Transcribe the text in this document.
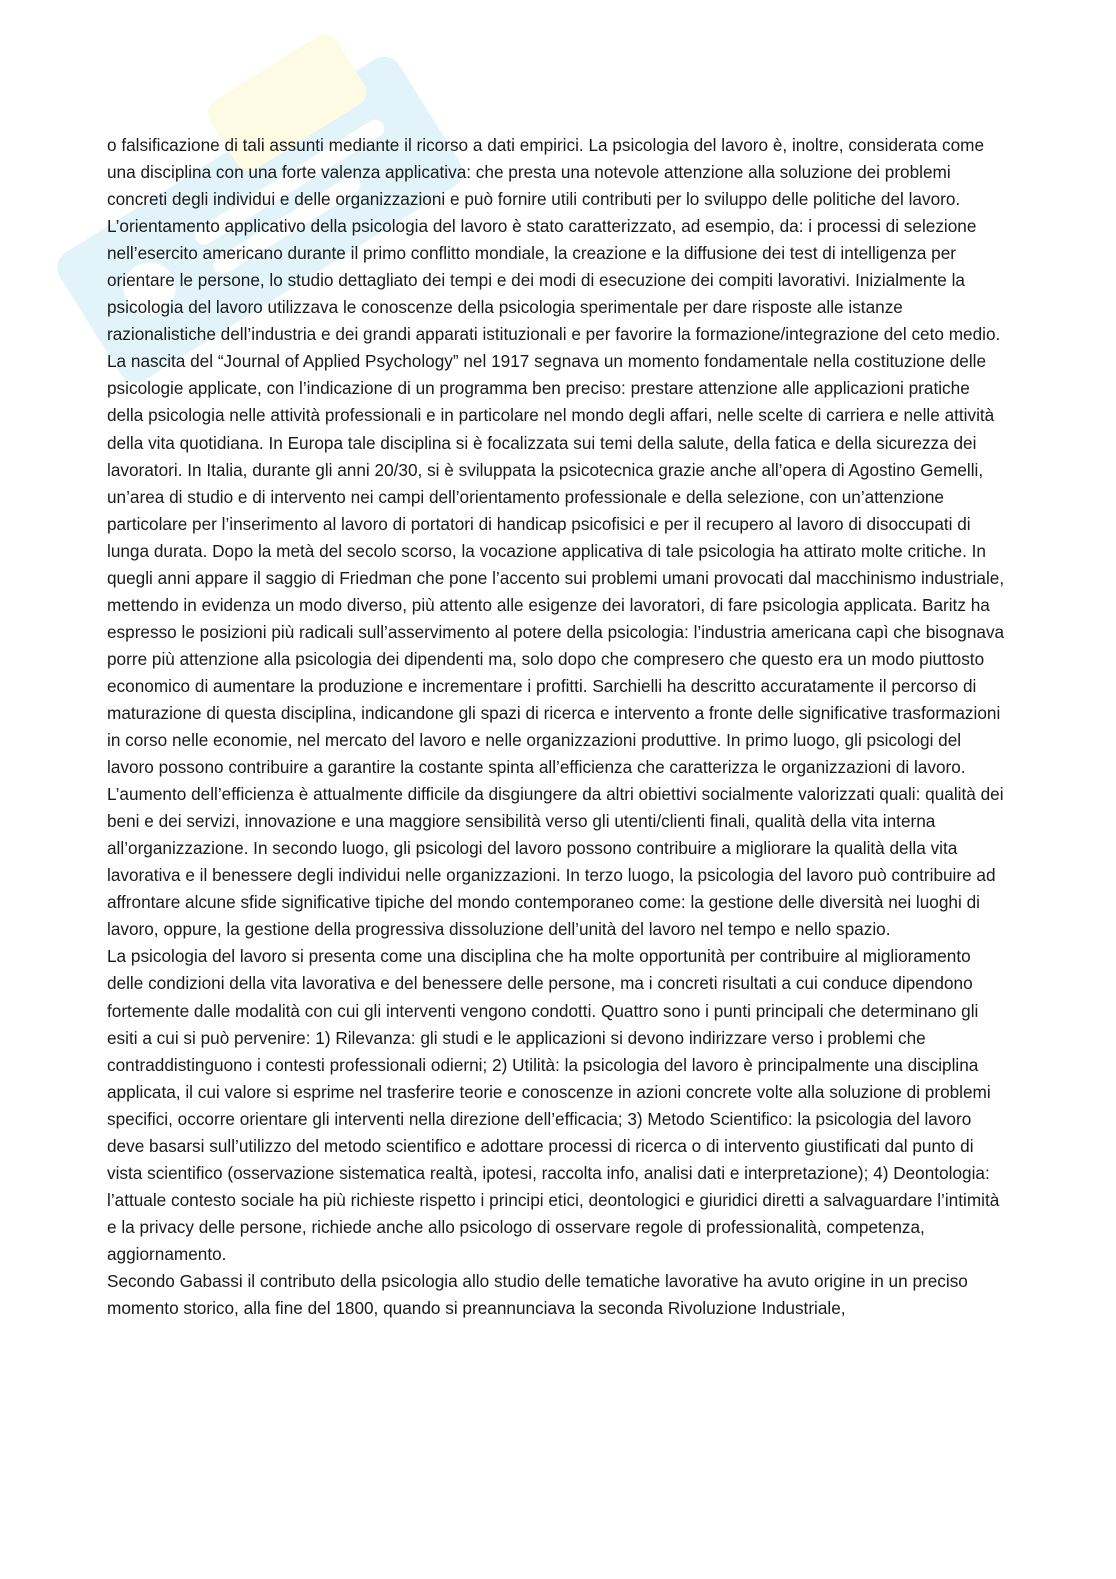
o falsificazione di tali assunti mediante il ricorso a dati empirici. La psicologia del lavoro è, inoltre, considerata come una disciplina con una forte valenza applicativa: che presta una notevole attenzione alla soluzione dei problemi concreti degli individui e delle organizzazioni e può fornire utili contributi per lo sviluppo delle politiche del lavoro. L’orientamento applicativo della psicologia del lavoro è stato caratterizzato, ad esempio, da: i processi di selezione nell’esercito americano durante il primo conflitto mondiale, la creazione e la diffusione dei test di intelligenza per orientare le persone, lo studio dettagliato dei tempi e dei modi di esecuzione dei compiti lavorativi. Inizialmente la psicologia del lavoro utilizzava le conoscenze della psicologia sperimentale per dare risposte alle istanze razionalistiche dell’industria e dei grandi apparati istituzionali e per favorire la formazione/integrazione del ceto medio. La nascita del “Journal of Applied Psychology” nel 1917 segnava un momento fondamentale nella costituzione delle psicologie applicate, con l’indicazione di un programma ben preciso: prestare attenzione alle applicazioni pratiche della psicologia nelle attività professionali e in particolare nel mondo degli affari, nelle scelte di carriera e nelle attività della vita quotidiana. In Europa tale disciplina si è focalizzata sui temi della salute, della fatica e della sicurezza dei lavoratori. In Italia, durante gli anni 20/30, si è sviluppata la psicotecnica grazie anche all’opera di Agostino Gemelli, un’area di studio e di intervento nei campi dell’orientamento professionale e della selezione, con un’attenzione particolare per l’inserimento al lavoro di portatori di handicap psicofisici e per il recupero al lavoro di disoccupati di lunga durata. Dopo la metà del secolo scorso, la vocazione applicativa di tale psicologia ha attirato molte critiche. In quegli anni appare il saggio di Friedman che pone l’accento sui problemi umani provocati dal macchinismo industriale, mettendo in evidenza un modo diverso, più attento alle esigenze dei lavoratori, di fare psicologia applicata. Baritz ha espresso le posizioni più radicali sull’asservimento al potere della psicologia: l’industria americana capì che bisognava porre più attenzione alla psicologia dei dipendenti ma, solo dopo che compresero che questo era un modo piuttosto economico di aumentare la produzione e incrementare i profitti. Sarchielli ha descritto accuratamente il percorso di maturazione di questa disciplina, indicandone gli spazi di ricerca e intervento a fronte delle significative trasformazioni in corso nelle economie, nel mercato del lavoro e nelle organizzazioni produttive. In primo luogo, gli psicologi del lavoro possono contribuire a garantire la costante spinta all’efficienza che caratterizza le organizzazioni di lavoro. L’aumento dell’efficienza è attualmente difficile da disgiungere da altri obiettivi socialmente valorizzati quali: qualità dei beni e dei servizi, innovazione e una maggiore sensibilità verso gli utenti/clienti finali, qualità della vita interna all’organizzazione. In secondo luogo, gli psicologi del lavoro possono contribuire a migliorare la qualità della vita lavorativa e il benessere degli individui nelle organizzazioni. In terzo luogo, la psicologia del lavoro può contribuire ad affrontare alcune sfide significative tipiche del mondo contemporaneo come: la gestione delle diversità nei luoghi di lavoro, oppure, la gestione della progressiva dissoluzione dell’unità del lavoro nel tempo e nello spazio.

La psicologia del lavoro si presenta come una disciplina che ha molte opportunità per contribuire al miglioramento delle condizioni della vita lavorativa e del benessere delle persone, ma i concreti risultati a cui conduce dipendono fortemente dalle modalità con cui gli interventi vengono condotti. Quattro sono i punti principali che determinano gli esiti a cui si può pervenire: 1) Rilevanza: gli studi e le applicazioni si devono indirizzare verso i problemi che contraddistinguono i contesti professionali odierni; 2) Utilità: la psicologia del lavoro è principalmente una disciplina applicata, il cui valore si esprime nel trasferire teorie e conoscenze in azioni concrete volte alla soluzione di problemi specifici, occorre orientare gli interventi nella direzione dell’efficacia; 3) Metodo Scientifico: la psicologia del lavoro deve basarsi sull’utilizzo del metodo scientifico e adottare processi di ricerca o di intervento giustificati dal punto di vista scientifico (osservazione sistematica realtà, ipotesi, raccolta info, analisi dati e interpretazione); 4) Deontologia: l’attuale contesto sociale ha più richieste rispetto i principi etici, deontologici e giuridici diretti a salvaguardare l’intimità e la privacy delle persone, richiede anche allo psicologo di osservare regole di professionalità, competenza, aggiornamento.

Secondo Gabassi il contributo della psicologia allo studio delle tematiche lavorative ha avuto origine in un preciso momento storico, alla fine del 1800, quando si preannunciava la seconda Rivoluzione Industriale,
